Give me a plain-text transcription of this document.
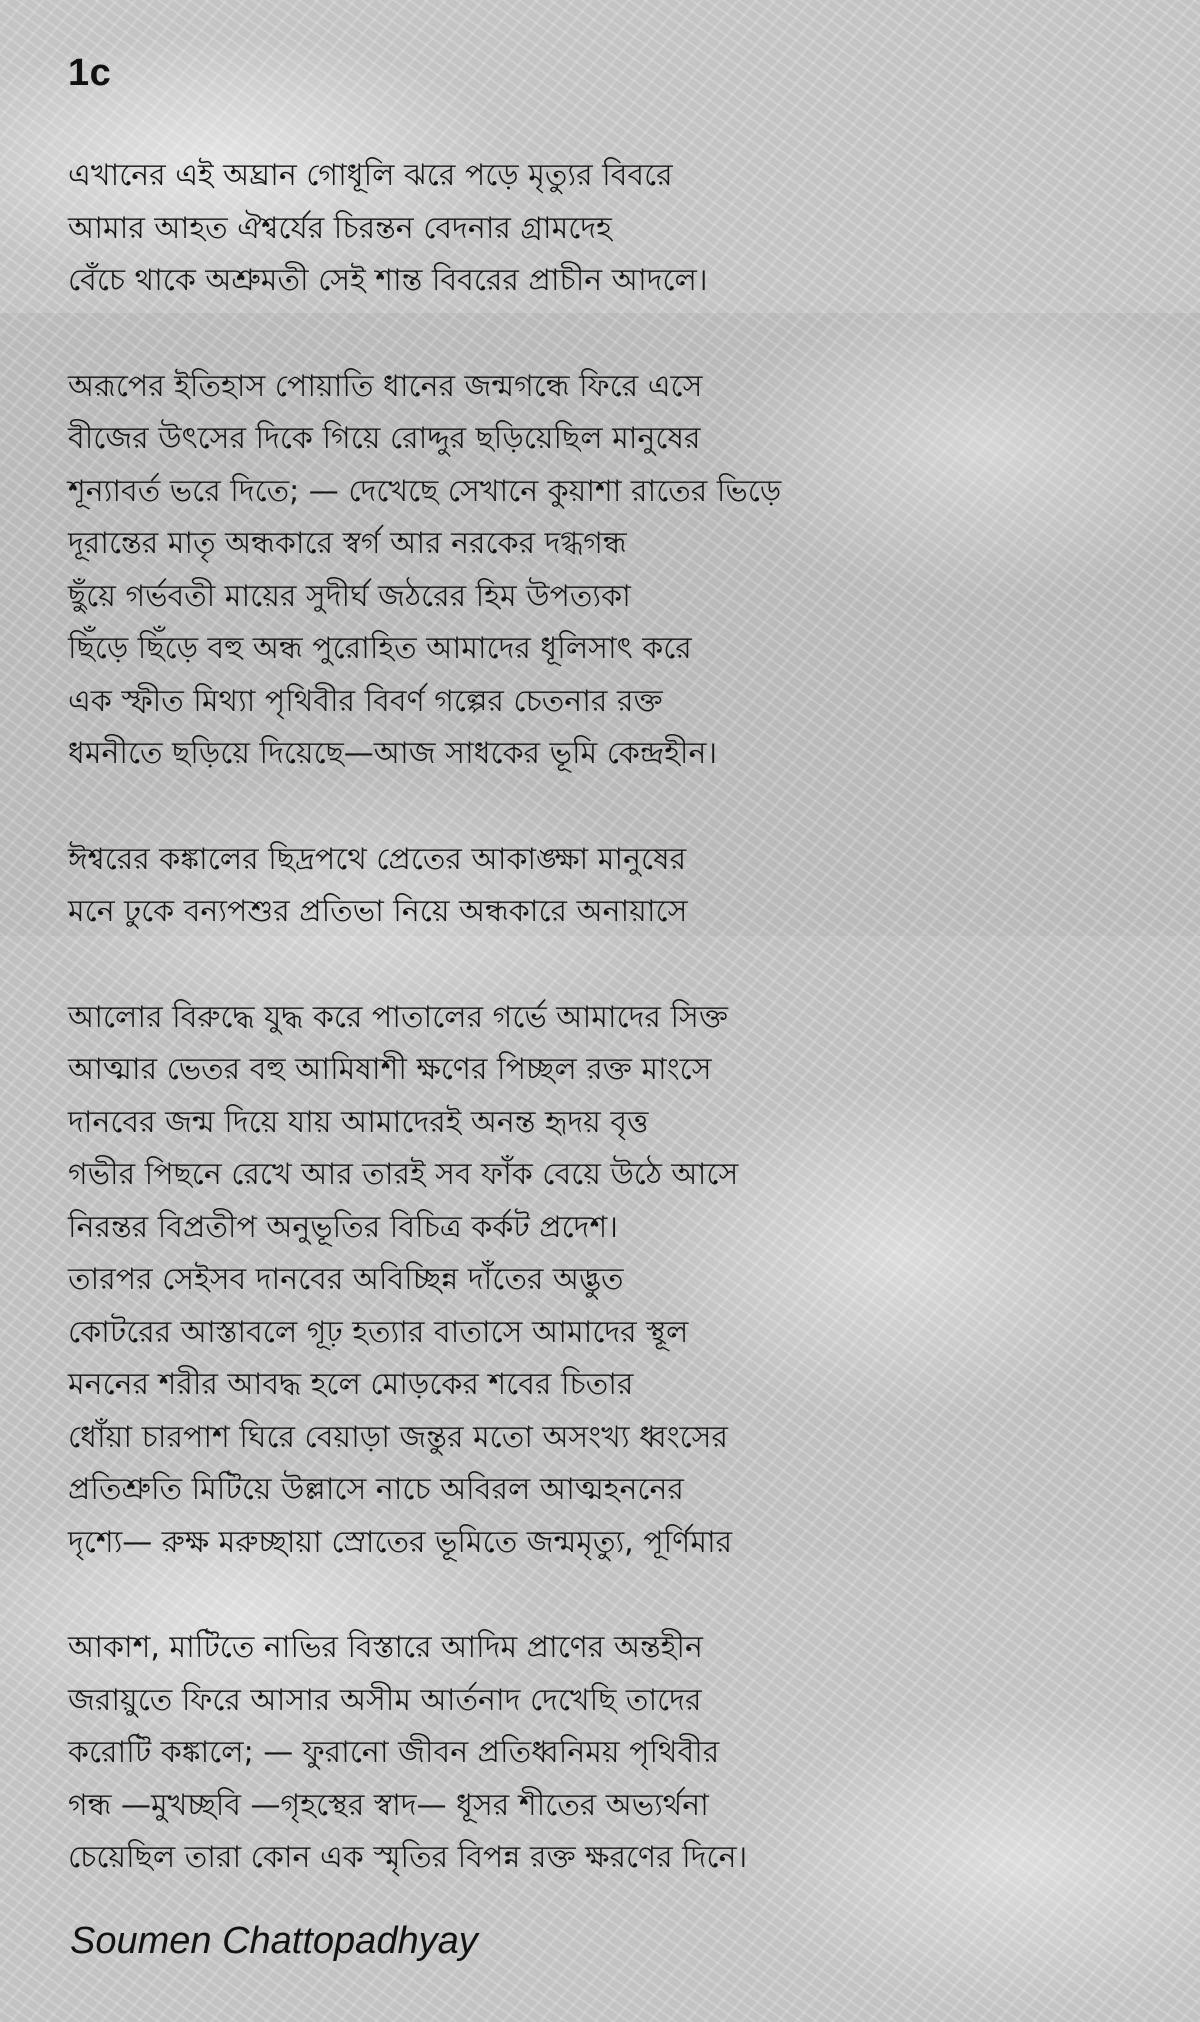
1c
এখানের এই অঘ্রান গোধূলি ঝরে পড়ে মৃত্যুর বিবরে
আমার আহত ঐশ্বর্যের চিরন্তন বেদনার গ্রামদেহ
বেঁচে থাকে অশ্রুমতী সেই শান্ত বিবরের প্রাচীন আদলে।
অরূপের ইতিহাস পোয়াতি ধানের জন্মগন্ধে ফিরে এসে
বীজের উৎসের দিকে গিয়ে রোদ্দুর ছড়িয়েছিল মানুষের
শূন্যাবর্ত ভরে দিতে; — দেখেছে সেখানে কুয়াশা রাতের ভিড়ে
দূরান্তের মাতৃ অন্ধকারে স্বর্গ আর নরকের দগ্ধগন্ধ
ছুঁয়ে গর্ভবতী মায়ের সুদীর্ঘ জঠরের হিম উপত্যকা
ছিঁড়ে ছিঁড়ে বহু অন্ধ পুরোহিত আমাদের ধূলিসাৎ করে
এক স্ফীত মিথ্যা পৃথিবীর বিবর্ণ গল্পের চেতনার রক্ত
ধমনীতে ছড়িয়ে দিয়েছে—আজ সাধকের ভূমি কেন্দ্রহীন।
ঈশ্বরের কঙ্কালের ছিদ্রপথে প্রেতের আকাঙ্ক্ষা মানুষের
মনে ঢুকে বন্যপশুর প্রতিভা নিয়ে অন্ধকারে অনায়াসে
আলোর বিরুদ্ধে যুদ্ধ করে পাতালের গর্ভে আমাদের সিক্ত
আত্মার ভেতর বহু আমিষাশী ক্ষণের পিচ্ছল রক্ত মাংসে
দানবের জন্ম দিয়ে যায় আমাদেরই অনন্ত হৃদয় বৃত্ত
গভীর পিছনে রেখে আর তারই সব ফাঁক বেয়ে উঠে আসে
নিরন্তর বিপ্রতীপ অনুভূতির বিচিত্র কর্কট প্রদেশ।
তারপর সেইসব দানবের অবিচ্ছিন্ন দাঁতের অদ্ভুত
কোটরের আস্তাবলে গূঢ় হত্যার বাতাসে আমাদের স্থূল
মননের শরীর আবদ্ধ হলে মোড়কের শবের চিতার
ধোঁয়া চারপাশ ঘিরে বেয়াড়া জন্তুর মতো অসংখ্য ধ্বংসের
প্রতিশ্রুতি মিটিয়ে উল্লাসে নাচে অবিরল আত্মহননের
দৃশ্যে— রুক্ষ মরুচ্ছায়া স্রোতের ভূমিতে জন্মমৃত্যু, পূর্ণিমার
আকাশ, মাটিতে নাভির বিস্তারে আদিম প্রাণের অন্তহীন
জরায়ুতে ফিরে আসার অসীম আর্তনাদ দেখেছি তাদের
করোটি কঙ্কালে; — ফুরানো জীবন প্রতিধ্বনিময় পৃথিবীর
গন্ধ —মুখচ্ছবি —গৃহস্থের স্বাদ— ধূসর শীতের অভ্যর্থনা
চেয়েছিল তারা কোন এক স্মৃতির বিপন্ন রক্ত ক্ষরণের দিনে।

Soumen Chattopadhyay
